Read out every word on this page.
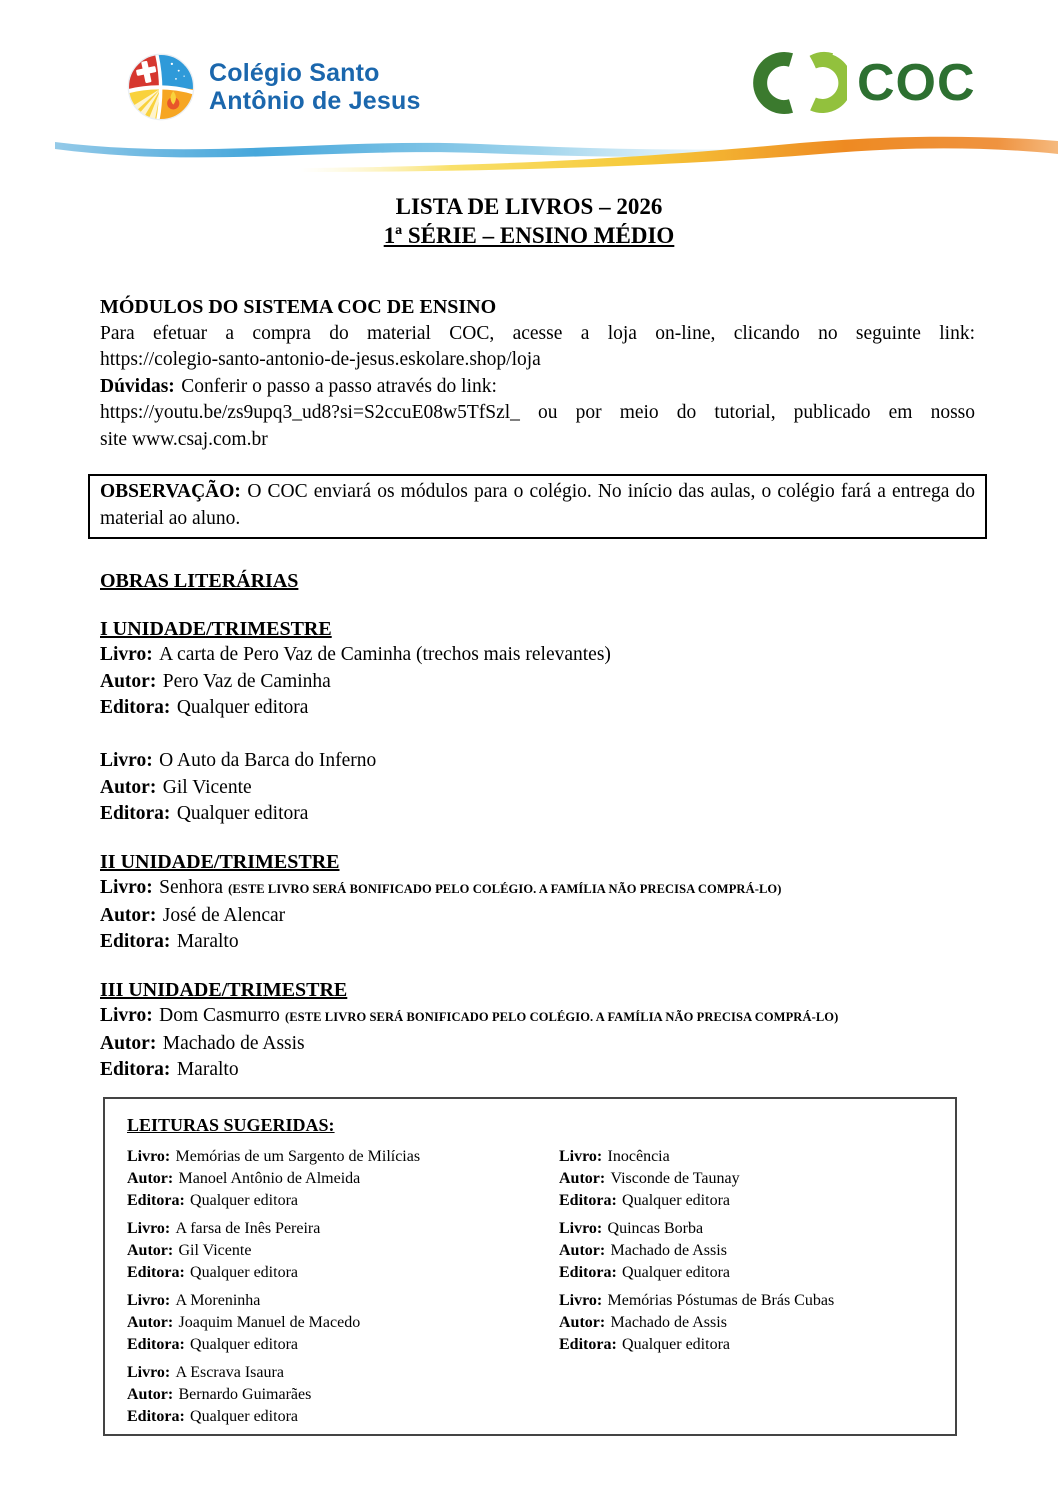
Colégio Santo
Antônio de Jesus	COC
LISTA DE LIVROS – 2026
1ª SÉRIE – ENSINO MÉDIO
MÓDULOS DO SISTEMA COC DE ENSINO
Para efetuar a compra do material COC, acesse a loja on-line, clicando no seguinte link:
https://colegio-santo-antonio-de-jesus.eskolare.shop/loja
Dúvidas: Conferir o passo a passo através do link:
https://youtu.be/zs9upq3_ud8?si=S2ccuE08w5TfSzl_ ou por meio do tutorial, publicado em nosso
site www.csaj.com.br
OBSERVAÇÃO: O COC enviará os módulos para o colégio. No início das aulas, o colégio fará a entrega do material ao aluno.
OBRAS LITERÁRIAS
I UNIDADE/TRIMESTRE
Livro: A carta de Pero Vaz de Caminha (trechos mais relevantes)
Autor: Pero Vaz de Caminha
Editora: Qualquer editora
Livro: O Auto da Barca do Inferno
Autor: Gil Vicente
Editora: Qualquer editora
II UNIDADE/TRIMESTRE
Livro: Senhora (ESTE LIVRO SERÁ BONIFICADO PELO COLÉGIO. A FAMÍLIA NÃO PRECISA COMPRÁ-LO)
Autor: José de Alencar
Editora: Maralto
III UNIDADE/TRIMESTRE
Livro: Dom Casmurro (ESTE LIVRO SERÁ BONIFICADO PELO COLÉGIO. A FAMÍLIA NÃO PRECISA COMPRÁ-LO)
Autor: Machado de Assis
Editora: Maralto
LEITURAS SUGERIDAS:
Livro: Memórias de um Sargento de Milícias
Autor: Manoel Antônio de Almeida
Editora: Qualquer editora
Livro: A farsa de Inês Pereira
Autor: Gil Vicente
Editora: Qualquer editora
Livro: A Moreninha
Autor: Joaquim Manuel de Macedo
Editora: Qualquer editora
Livro: A Escrava Isaura
Autor: Bernardo Guimarães
Editora: Qualquer editora
Livro: Inocência
Autor: Visconde de Taunay
Editora: Qualquer editora
Livro: Quincas Borba
Autor: Machado de Assis
Editora: Qualquer editora
Livro: Memórias Póstumas de Brás Cubas
Autor: Machado de Assis
Editora: Qualquer editora
